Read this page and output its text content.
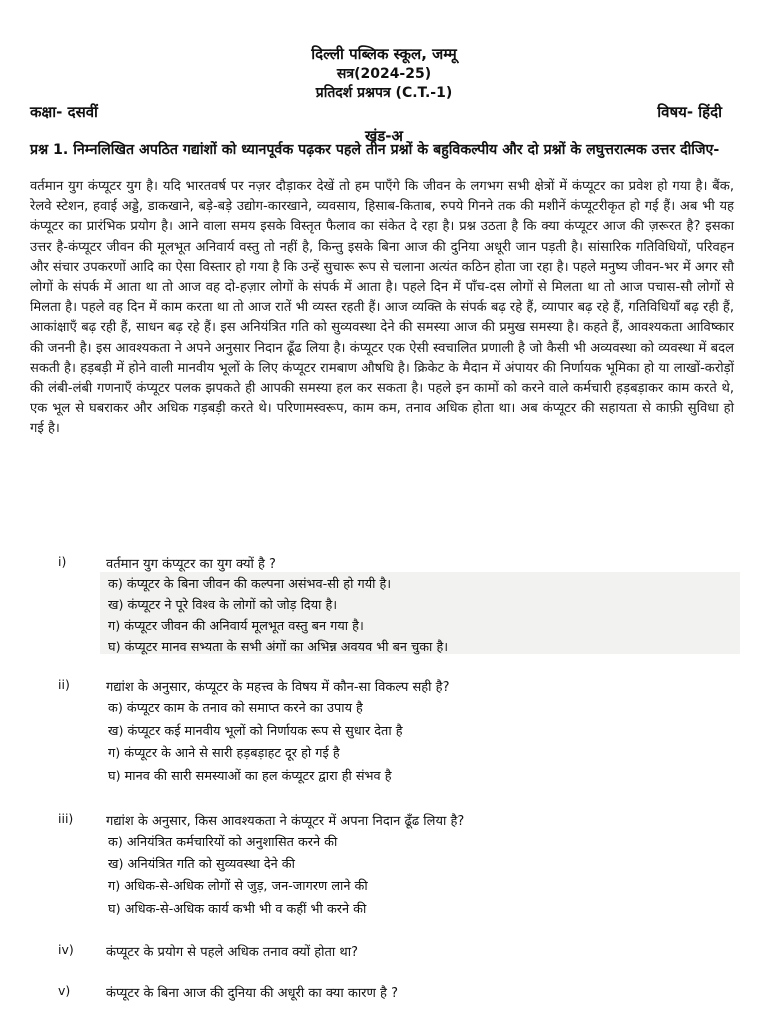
दिल्ली पब्लिक स्कूल, जम्मू
सत्र(2024-25)
प्रतिदर्श प्रश्नपत्र (C.T.-1)
कक्षा- दसवीं	विषय- हिंदी
खंड-अ
प्रश्न 1. निम्नलिखित अपठित गद्यांशों को ध्यानपूर्वक पढ़कर पहले तीन प्रश्नों के बहुविकल्पीय और दो प्रश्नों के लघुत्तरात्मक उत्तर दीजिए-
वर्तमान युग कंप्यूटर युग है। यदि भारतवर्ष पर नज़र दौड़ाकर देखें तो हम पाएँगे कि जीवन के लगभग सभी क्षेत्रों में कंप्यूटर का प्रवेश हो गया है। बैंक, रेलवे स्टेशन, हवाई अड्डे, डाकखाने, बड़े-बड़े उद्योग-कारखाने, व्यवसाय, हिसाब-किताब, रुपये गिनने तक की मशीनें कंप्यूटरीकृत हो गई हैं। अब भी यह कंप्यूटर का प्रारंभिक प्रयोग है। आने वाला समय इसके विस्तृत फैलाव का संकेत दे रहा है। प्रश्न उठता है कि क्या कंप्यूटर आज की ज़रूरत है? इसका उत्तर है-कंप्यूटर जीवन की मूलभूत अनिवार्य वस्तु तो नहीं है, किन्तु इसके बिना आज की दुनिया अधूरी जान पड़ती है। सांसारिक गतिविधियों, परिवहन और संचार उपकरणों आदि का ऐसा विस्तार हो गया है कि उन्हें सुचारू रूप से चलाना अत्यंत कठिन होता जा रहा है। पहले मनुष्य जीवन-भर में अगर सौ लोगों के संपर्क में आता था तो आज वह दो-हज़ार लोगों के संपर्क में आता है। पहले दिन में पाँच-दस लोगों से मिलता था तो आज पचास-सौ लोगों से मिलता है। पहले वह दिन में काम करता था तो आज रातें भी व्यस्त रहती हैं। आज व्यक्ति के संपर्क बढ़ रहे हैं, व्यापार बढ़ रहे हैं, गतिविधियाँ बढ़ रही हैं, आकांक्षाएँ बढ़ रही हैं, साधन बढ़ रहे हैं। इस अनियंत्रित गति को सुव्यवस्था देने की समस्या आज की प्रमुख समस्या है। कहते हैं, आवश्यकता आविष्कार की जननी है। इस आवश्यकता ने अपने अनुसार निदान ढूँढ लिया है। कंप्यूटर एक ऐसी स्वचालित प्रणाली है जो कैसी भी अव्यवस्था को व्यवस्था में बदल सकती है। हड़बड़ी में होने वाली मानवीय भूलों के लिए कंप्यूटर रामबाण औषधि है। क्रिकेट के मैदान में अंपायर की निर्णायक भूमिका हो या लाखों-करोड़ों की लंबी-लंबी गणनाएँ कंप्यूटर पलक झपकते ही आपकी समस्या हल कर सकता है। पहले इन कामों को करने वाले कर्मचारी हड़बड़ाकर काम करते थे, एक भूल से घबराकर और अधिक गड़बड़ी करते थे। परिणामस्वरूप, काम कम, तनाव अधिक होता था। अब कंप्यूटर की सहायता से काफ़ी सुविधा हो गई है।
i)	वर्तमान युग कंप्यूटर का युग क्यों है ?
क) कंप्यूटर के बिना जीवन की कल्पना असंभव-सी हो गयी है।
ख) कंप्यूटर ने पूरे विश्व के लोगों को जोड़ दिया है।
ग) कंप्यूटर जीवन की अनिवार्य मूलभूत वस्तु बन गया है।
घ) कंप्यूटर मानव सभ्यता के सभी अंगों का अभिन्न अवयव भी बन चुका है।
ii)	गद्यांश के अनुसार, कंप्यूटर के महत्त्व के विषय में कौन-सा विकल्प सही है?
क) कंप्यूटर काम के तनाव को समाप्त करने का उपाय है
ख) कंप्यूटर कई मानवीय भूलों को निर्णायक रूप से सुधार देता है
ग) कंप्यूटर के आने से सारी हड़बड़ाहट दूर हो गई है
घ) मानव की सारी समस्याओं का हल कंप्यूटर द्वारा ही संभव है
iii)	गद्यांश के अनुसार, किस आवश्यकता ने कंप्यूटर में अपना निदान ढूँढ लिया है?
क) अनियंत्रित कर्मचारियों को अनुशासित करने की
ख) अनियंत्रित गति को सुव्यवस्था देने की
ग) अधिक-से-अधिक लोगों से जुड़, जन-जागरण लाने की
घ) अधिक-से-अधिक कार्य कभी भी व कहीं भी करने की
iv) कंप्यूटर के प्रयोग से पहले अधिक तनाव क्यों होता था?
v)	कंप्यूटर के बिना आज की दुनिया की अधूरी का क्या कारण है ?
